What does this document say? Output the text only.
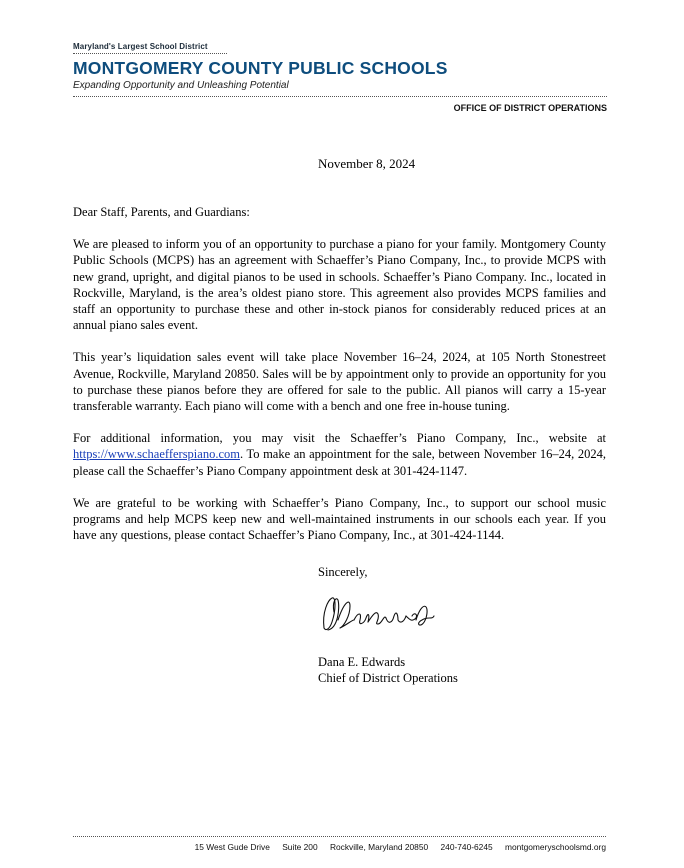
Maryland's Largest School District
MONTGOMERY COUNTY PUBLIC SCHOOLS
Expanding Opportunity and Unleashing Potential
OFFICE OF DISTRICT OPERATIONS
November 8, 2024

Dear Staff, Parents, and Guardians:

We are pleased to inform you of an opportunity to purchase a piano for your family. Montgomery County Public Schools (MCPS) has an agreement with Schaeffer’s Piano Company, Inc., to provide MCPS with new grand, upright, and digital pianos to be used in schools. Schaeffer’s Piano Company. Inc., located in Rockville, Maryland, is the area’s oldest piano store. This agreement also provides MCPS families and staff an opportunity to purchase these and other in-stock pianos for considerably reduced prices at an annual piano sales event.

This year’s liquidation sales event will take place November 16–24, 2024, at 105 North Stonestreet Avenue, Rockville, Maryland 20850. Sales will be by appointment only to provide an opportunity for you to purchase these pianos before they are offered for sale to the public. All pianos will carry a 15-year transferable warranty. Each piano will come with a bench and one free in-house tuning.

For additional information, you may visit the Schaeffer’s Piano Company, Inc., website at https://www.schaefferspiano.com. To make an appointment for the sale, between November 16–24, 2024, please call the Schaeffer’s Piano Company appointment desk at 301-424-1147.

We are grateful to be working with Schaeffer’s Piano Company, Inc., to support our school music programs and help MCPS keep new and well-maintained instruments in our schools each year. If you have any questions, please contact Schaeffer’s Piano Company, Inc., at 301-424-1144.

Sincerely,
Dana E. Edwards
Chief of District Operations
15 West Gude Drive Suite 200 Rockville, Maryland 20850 240-740-6245 montgomeryschoolsmd.org
